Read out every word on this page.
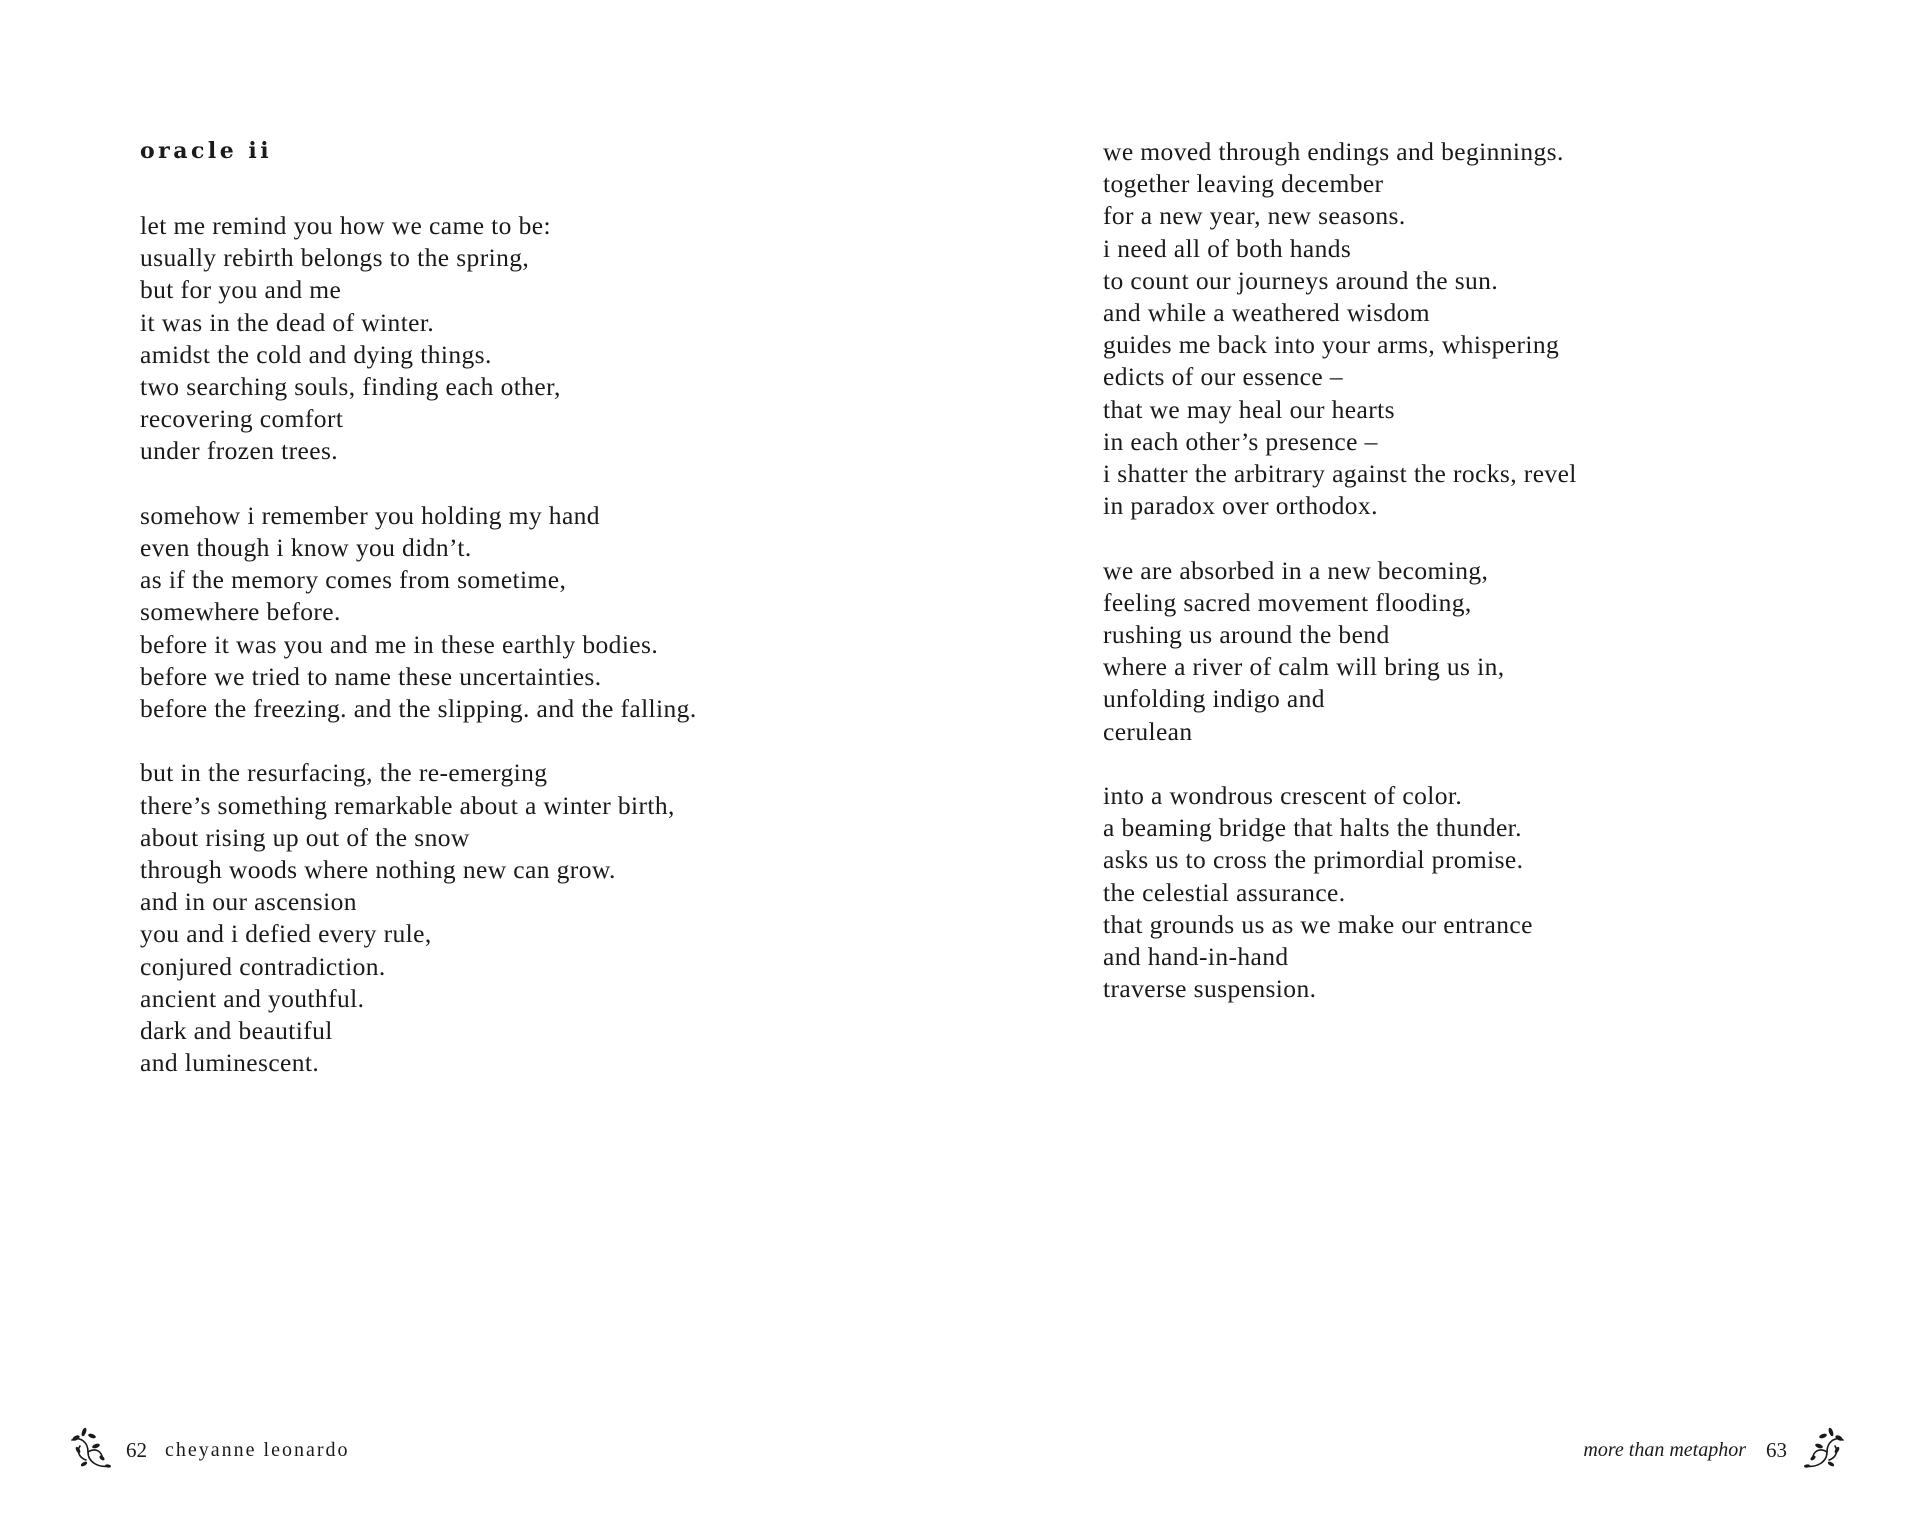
oracle ii
let me remind you how we came to be:
usually rebirth belongs to the spring,
but for you and me
it was in the dead of winter.
amidst the cold and dying things.
two searching souls, finding each other,
recovering comfort
under frozen trees.
somehow i remember you holding my hand
even though i know you didn’t.
as if the memory comes from sometime,
somewhere before.
before it was you and me in these earthly bodies.
before we tried to name these uncertainties.
before the freezing. and the slipping. and the falling.
but in the resurfacing, the re-emerging
there’s something remarkable about a winter birth,
about rising up out of the snow
through woods where nothing new can grow.
and in our ascension
you and i defied every rule,
conjured contradiction.
ancient and youthful.
dark and beautiful
and luminescent.
62 cheyanne leonardo
we moved through endings and beginnings.
together leaving december
for a new year, new seasons.
i need all of both hands
to count our journeys around the sun.
and while a weathered wisdom
guides me back into your arms, whispering
edicts of our essence –
that we may heal our hearts
in each other’s presence –
i shatter the arbitrary against the rocks, revel
in paradox over orthodox.
we are absorbed in a new becoming,
feeling sacred movement flooding,
rushing us around the bend
where a river of calm will bring us in,
unfolding indigo and
cerulean
into a wondrous crescent of color.
a beaming bridge that halts the thunder.
asks us to cross the primordial promise.
the celestial assurance.
that grounds us as we make our entrance
and hand-in-hand
traverse suspension.
more than metaphor 63
